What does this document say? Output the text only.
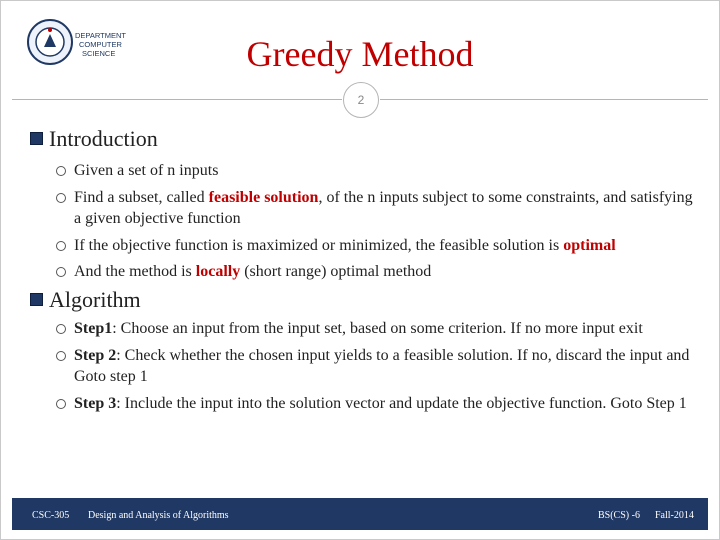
DEPARTMENT
COMPUTER
SCIENCE	Greedy Method
2
Introduction
Given a set of n inputs
Find a subset, called feasible solution, of the n inputs subject to some constraints, and satisfying a given objective function
If the objective function is maximized or minimized, the feasible solution is optimal
And the method is locally (short range) optimal method
Algorithm
Step1: Choose an input from the input set, based on some criterion. If no more input exit
Step 2: Check whether the chosen input yields to a feasible solution. If no, discard the input and Goto step 1
Step 3: Include the input into the solution vector and update the objective function. Goto Step 1
CSC-305 Design and Analysis of Algorithms	BS(CS) -6 Fall-2014
